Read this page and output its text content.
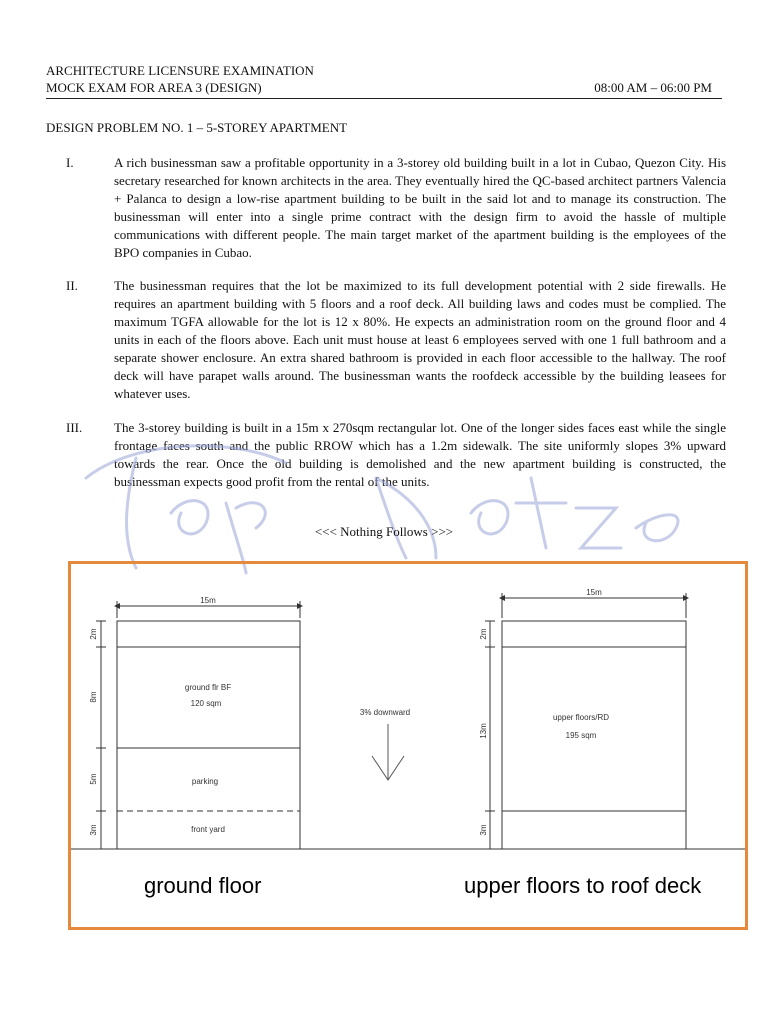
ARCHITECTURE LICENSURE EXAMINATION
MOCK EXAM FOR AREA 3 (DESIGN)	08:00 AM – 06:00 PM
DESIGN PROBLEM NO. 1 – 5-STOREY APARTMENT
I.	A rich businessman saw a profitable opportunity in a 3-storey old building built in a lot in Cubao, Quezon City. His secretary researched for known architects in the area. They eventually hired the QC-based architect partners Valencia + Palanca to design a low-rise apartment building to be built in the said lot and to manage its construction. The businessman will enter into a single prime contract with the design firm to avoid the hassle of multiple communications with different people. The main target market of the apartment building is the employees of the BPO companies in Cubao.
II.	The businessman requires that the lot be maximized to its full development potential with 2 side firewalls. He requires an apartment building with 5 floors and a roof deck. All building laws and codes must be complied. The maximum TGFA allowable for the lot is 12 x 80%. He expects an administration room on the ground floor and 4 units in each of the floors above. Each unit must house at least 6 employees served with one 1 full bathroom and a separate shower enclosure. An extra shared bathroom is provided in each floor accessible to the hallway. The roof deck will have parapet walls around. The businessman wants the roofdeck accessible by the building leasees for whatever uses.
III. The 3-storey building is built in a 15m x 270sqm rectangular lot. One of the longer sides faces east while the single frontage faces south and the public RROW which has a 1.2m sidewalk. The site uniformly slopes 3% upward towards the rear. Once the old building is demolished and the new apartment building is constructed, the businessman expects good profit from the rental of the units.
<<< Nothing Follows >>>
15m
2m
8m
5m
3m
ground flr BF
120 sqm
parking
front yard
3% downward
15m
2m
13m
3m
upper floors/RD
195 sqm
ground floor	upper floors to roof deck
